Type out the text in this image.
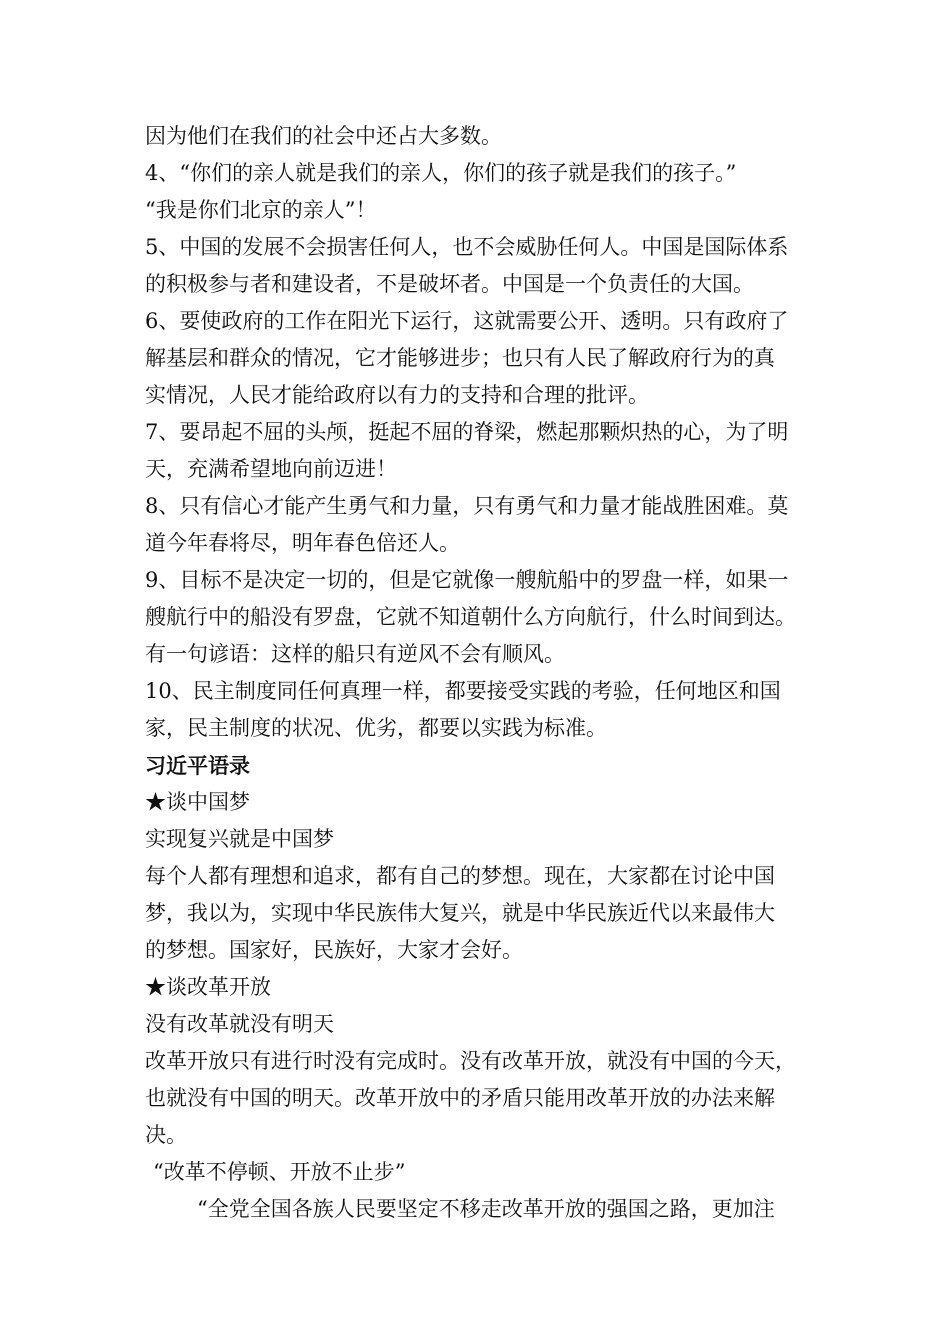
因为他们在我们的社会中还占大多数。
4、“你们的亲人就是我们的亲人，你们的孩子就是我们的孩子。”
“我是你们北京的亲人”！
5、中国的发展不会损害任何人，也不会威胁任何人。中国是国际体系
的积极参与者和建设者，不是破坏者。中国是一个负责任的大国。
6、要使政府的工作在阳光下运行，这就需要公开、透明。只有政府了
解基层和群众的情况，它才能够进步；也只有人民了解政府行为的真
实情况，人民才能给政府以有力的支持和合理的批评。
7、要昂起不屈的头颅，挺起不屈的脊梁，燃起那颗炽热的心，为了明
天，充满希望地向前迈进！
8、只有信心才能产生勇气和力量，只有勇气和力量才能战胜困难。莫
道今年春将尽，明年春色倍还人。
9、目标不是决定一切的，但是它就像一艘航船中的罗盘一样，如果一
艘航行中的船没有罗盘，它就不知道朝什么方向航行，什么时间到达。
有一句谚语：这样的船只有逆风不会有顺风。
10、民主制度同任何真理一样，都要接受实践的考验，任何地区和国
家，民主制度的状况、优劣，都要以实践为标准。
习近平语录
★谈中国梦
实现复兴就是中国梦
每个人都有理想和追求，都有自己的梦想。现在，大家都在讨论中国
梦，我以为，实现中华民族伟大复兴，就是中华民族近代以来最伟大
的梦想。国家好，民族好，大家才会好。
★谈改革开放
没有改革就没有明天
改革开放只有进行时没有完成时。没有改革开放，就没有中国的今天，
也就没有中国的明天。改革开放中的矛盾只能用改革开放的办法来解
决。
“改革不停顿、开放不止步”
“全党全国各族人民要坚定不移走改革开放的强国之路，更加注
